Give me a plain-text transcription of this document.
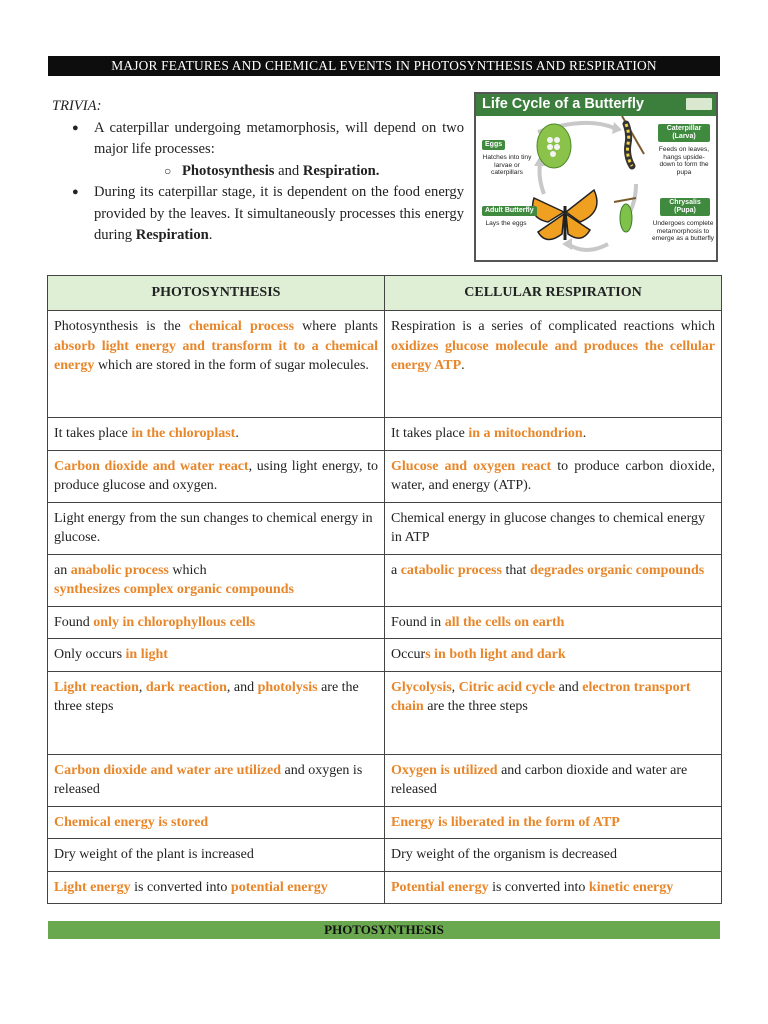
MAJOR FEATURES AND CHEMICAL EVENTS IN PHOTOSYNTHESIS AND RESPIRATION
TRIVIA:
● A caterpillar undergoing metamorphosis, will depend on two major life processes:
○ Photosynthesis and Respiration.
● During its caterpillar stage, it is dependent on the food energy provided by the leaves. It simultaneously processes this energy during Respiration.
Life Cycle of a Butterfly
Eggs
Hatches into tiny larvae or caterpillars
Caterpillar (Larva)
Feeds on leaves, hangs upside-down to form the pupa
Chrysalis (Pupa)
Undergoes complete metamorphosis to emerge as a butterfly
Adult Butterfly
Lays the eggs
PHOTOSYNTHESIS	CELLULAR RESPIRATION
Photosynthesis is the chemical process where plants absorb light energy and transform it to a chemical energy which are stored in the form of sugar molecules.	Respiration is a series of complicated reactions which oxidizes glucose molecule and produces the cellular energy ATP.
It takes place in the chloroplast.	It takes place in a mitochondrion.
Carbon dioxide and water react, using light energy, to produce glucose and oxygen.	Glucose and oxygen react to produce carbon dioxide, water, and energy (ATP).
Light energy from the sun changes to chemical energy in glucose.	Chemical energy in glucose changes to chemical energy in ATP
an anabolic process which
synthesizes complex organic compounds	a catabolic process that degrades organic compounds
Found only in chlorophyllous cells	Found in all the cells on earth
Only occurs in light	Occurs in both light and dark
Light reaction, dark reaction, and photolysis are the three steps	Glycolysis, Citric acid cycle and electron transport chain are the three steps
Carbon dioxide and water are utilized and oxygen is released	Oxygen is utilized and carbon dioxide and water are released
Chemical energy is stored	Energy is liberated in the form of ATP
Dry weight of the plant is increased	Dry weight of the organism is decreased
Light energy is converted into potential energy	Potential energy is converted into kinetic energy
PHOTOSYNTHESIS
